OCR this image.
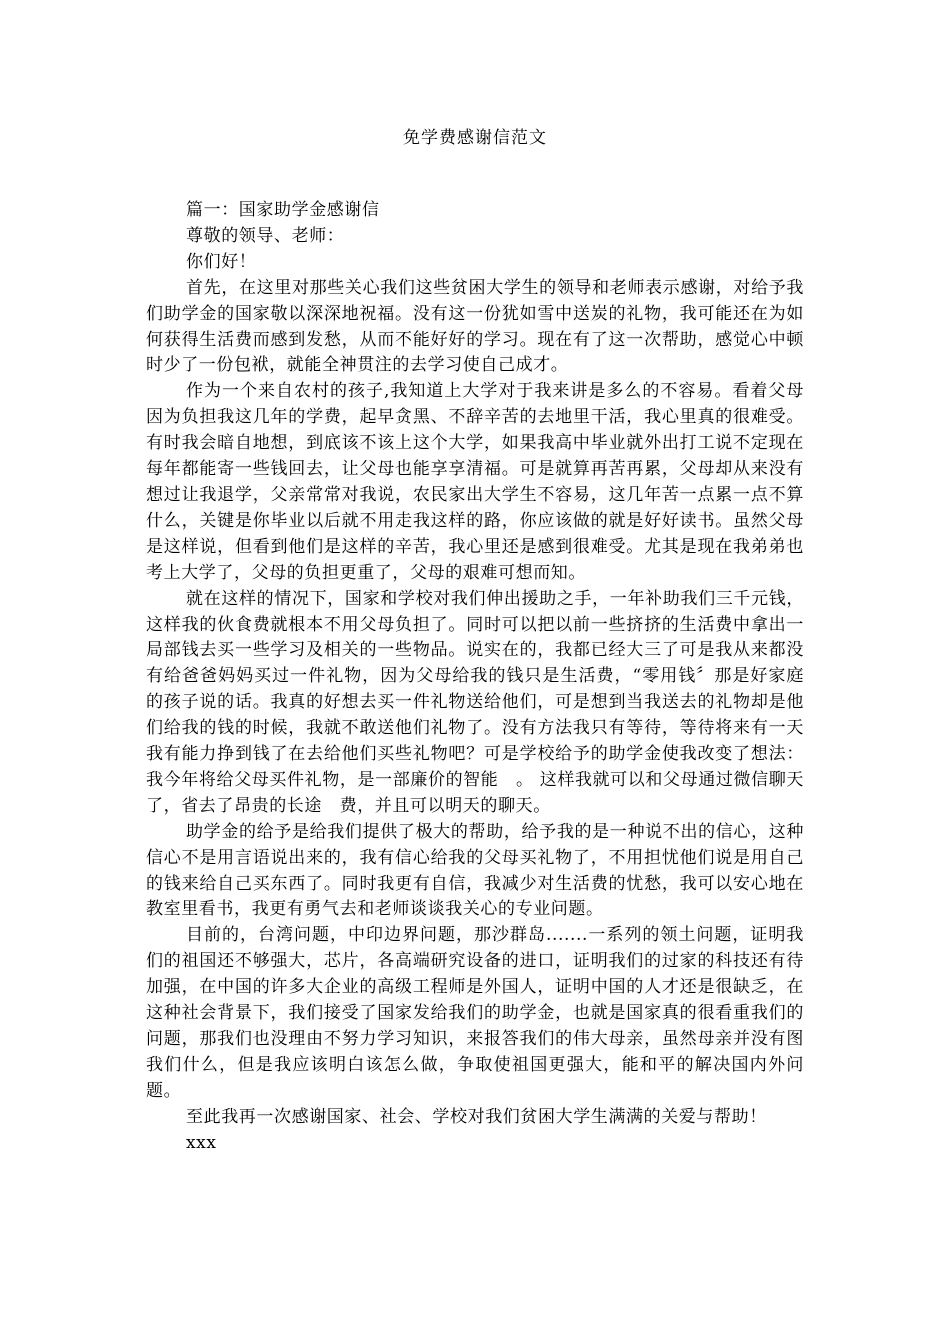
免学费感谢信范文

篇一：国家助学金感谢信

尊敬的领导、老师：

你们好！

首先，在这里对那些关心我们这些贫困大学生的领导和老师表示感谢，对给予我们助学金的国家敬以深深地祝福。没有这一份犹如雪中送炭的礼物，我可能还在为如何获得生活费而感到发愁，从而不能好好的学习。现在有了这一次帮助，感觉心中顿时少了一份包袱，就能全神贯注的去学习使自己成才。

作为一个来自农村的孩子,我知道上大学对于我来讲是多么的不容易。看着父母因为负担我这几年的学费，起早贪黑、不辞辛苦的去地里干活，我心里真的很难受。有时我会暗自地想，到底该不该上这个大学，如果我高中毕业就外出打工说不定现在每年都能寄一些钱回去，让父母也能享享清福。可是就算再苦再累，父母却从来没有想过让我退学，父亲常常对我说，农民家出大学生不容易，这几年苦一点累一点不算什么，关键是你毕业以后就不用走我这样的路，你应该做的就是好好读书。虽然父母是这样说，但看到他们是这样的辛苦，我心里还是感到很难受。尤其是现在我弟弟也考上大学了，父母的负担更重了，父母的艰难可想而知。

就在这样的情况下，国家和学校对我们伸出援助之手，一年补助我们三千元钱，这样我的伙食费就根本不用父母负担了。同时可以把以前一些挤挤的生活费中拿出一局部钱去买一些学习及相关的一些物品。说实在的，我都已经大三了可是我从来都没有给爸爸妈妈买过一件礼物，因为父母给我的钱只是生活费，“零用钱〞那是好家庭的孩子说的话。我真的好想去买一件礼物送给他们，可是想到当我送去的礼物却是他们给我的钱的时候，我就不敢送他们礼物了。没有方法我只有等待，等待将来有一天我有能力挣到钱了在去给他们买些礼物吧？可是学校给予的助学金使我改变了想法：我今年将给父母买件礼物，是一部廉价的智能　。 这样我就可以和父母通过微信聊天了，省去了昂贵的长途　费，并且可以明天的聊天。

助学金的给予是给我们提供了极大的帮助，给予我的是一种说不出的信心，这种信心不是用言语说出来的，我有信心给我的父母买礼物了，不用担忧他们说是用自己的钱来给自己买东西了。同时我更有自信，我减少对生活费的忧愁，我可以安心地在教室里看书，我更有勇气去和老师谈谈我关心的专业问题。

目前的，台湾问题，中印边界问题，那沙群岛.......一系列的领土问题，证明我们的祖国还不够强大，芯片，各高端研究设备的进口，证明我们的过家的科技还有待加强，在中国的许多大企业的高级工程师是外国人，证明中国的人才还是很缺乏，在这种社会背景下，我们接受了国家发给我们的助学金，也就是国家真的很看重我们的问题，那我们也没理由不努力学习知识，来报答我们的伟大母亲，虽然母亲并没有图我们什么，但是我应该明白该怎么做，争取使祖国更强大，能和平的解决国内外问题。

至此我再一次感谢国家、社会、学校对我们贫困大学生满满的关爱与帮助！

xxx
